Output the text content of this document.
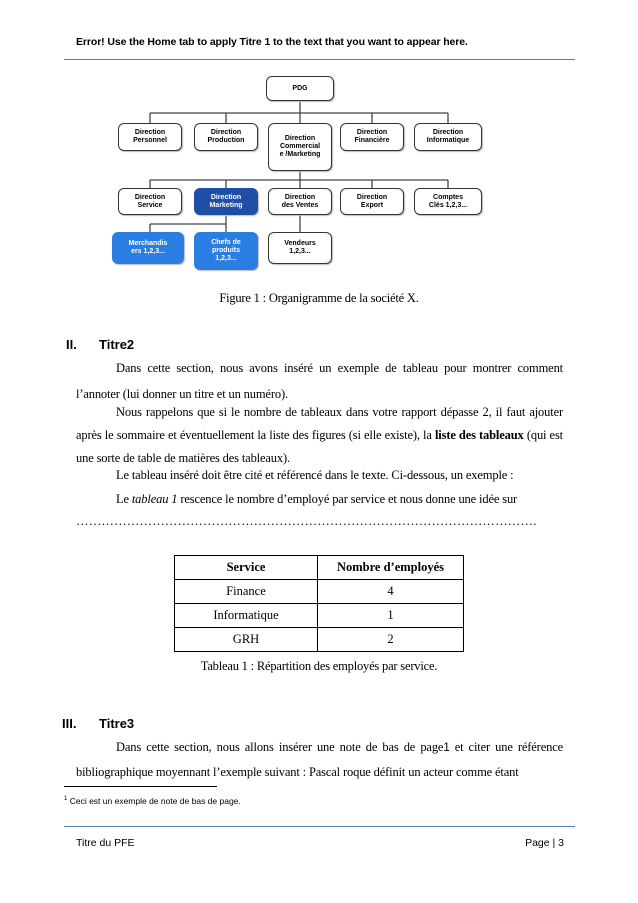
Error! Use the Home tab to apply Titre 1 to the text that you want to appear here.
PDG
Direction
Personnel
Direction
Production	Direction
Commercial
e /Marketing
Direction
Financière
Direction
Informatique
Direction
Service
Direction
Marketing
Direction
des Ventes
Direction
Export
Comptes
Clés 1,2,3...
Merchandis
ers 1,2,3...
Chefs de
produits
1,2,3...
Vendeurs
1,2,3...
Figure 1 : Organigramme de la société X.
II. Titre2
Dans cette section, nous avons inséré un exemple de tableau pour montrer comment l’annoter (lui donner un titre et un numéro).
Nous rappelons que si le nombre de tableaux dans votre rapport dépasse 2, il faut ajouter après le sommaire et éventuellement la liste des figures (si elle existe), la liste des tableaux (qui est une sorte de table de matières des tableaux).
Le tableau inséré doit être cité et référencé dans le texte. Ci-dessous, un exemple :
Le tableau 1 rescence le nombre d’employé par service et nous donne une idée sur
……………………………………………………………………………………………….
Service	Nombre d’employés
Finance	4
Informatique	1
GRH	2
Tableau 1 : Répartition des employés par service.
III. Titre3
Dans cette section, nous allons insérer une note de bas de page1 et citer une référence bibliographique moyennant l’exemple suivant : Pascal roque définit un acteur comme étant
$^1$ Ceci est un exemple de note de bas de page.
Titre du PFE	Page | 3
